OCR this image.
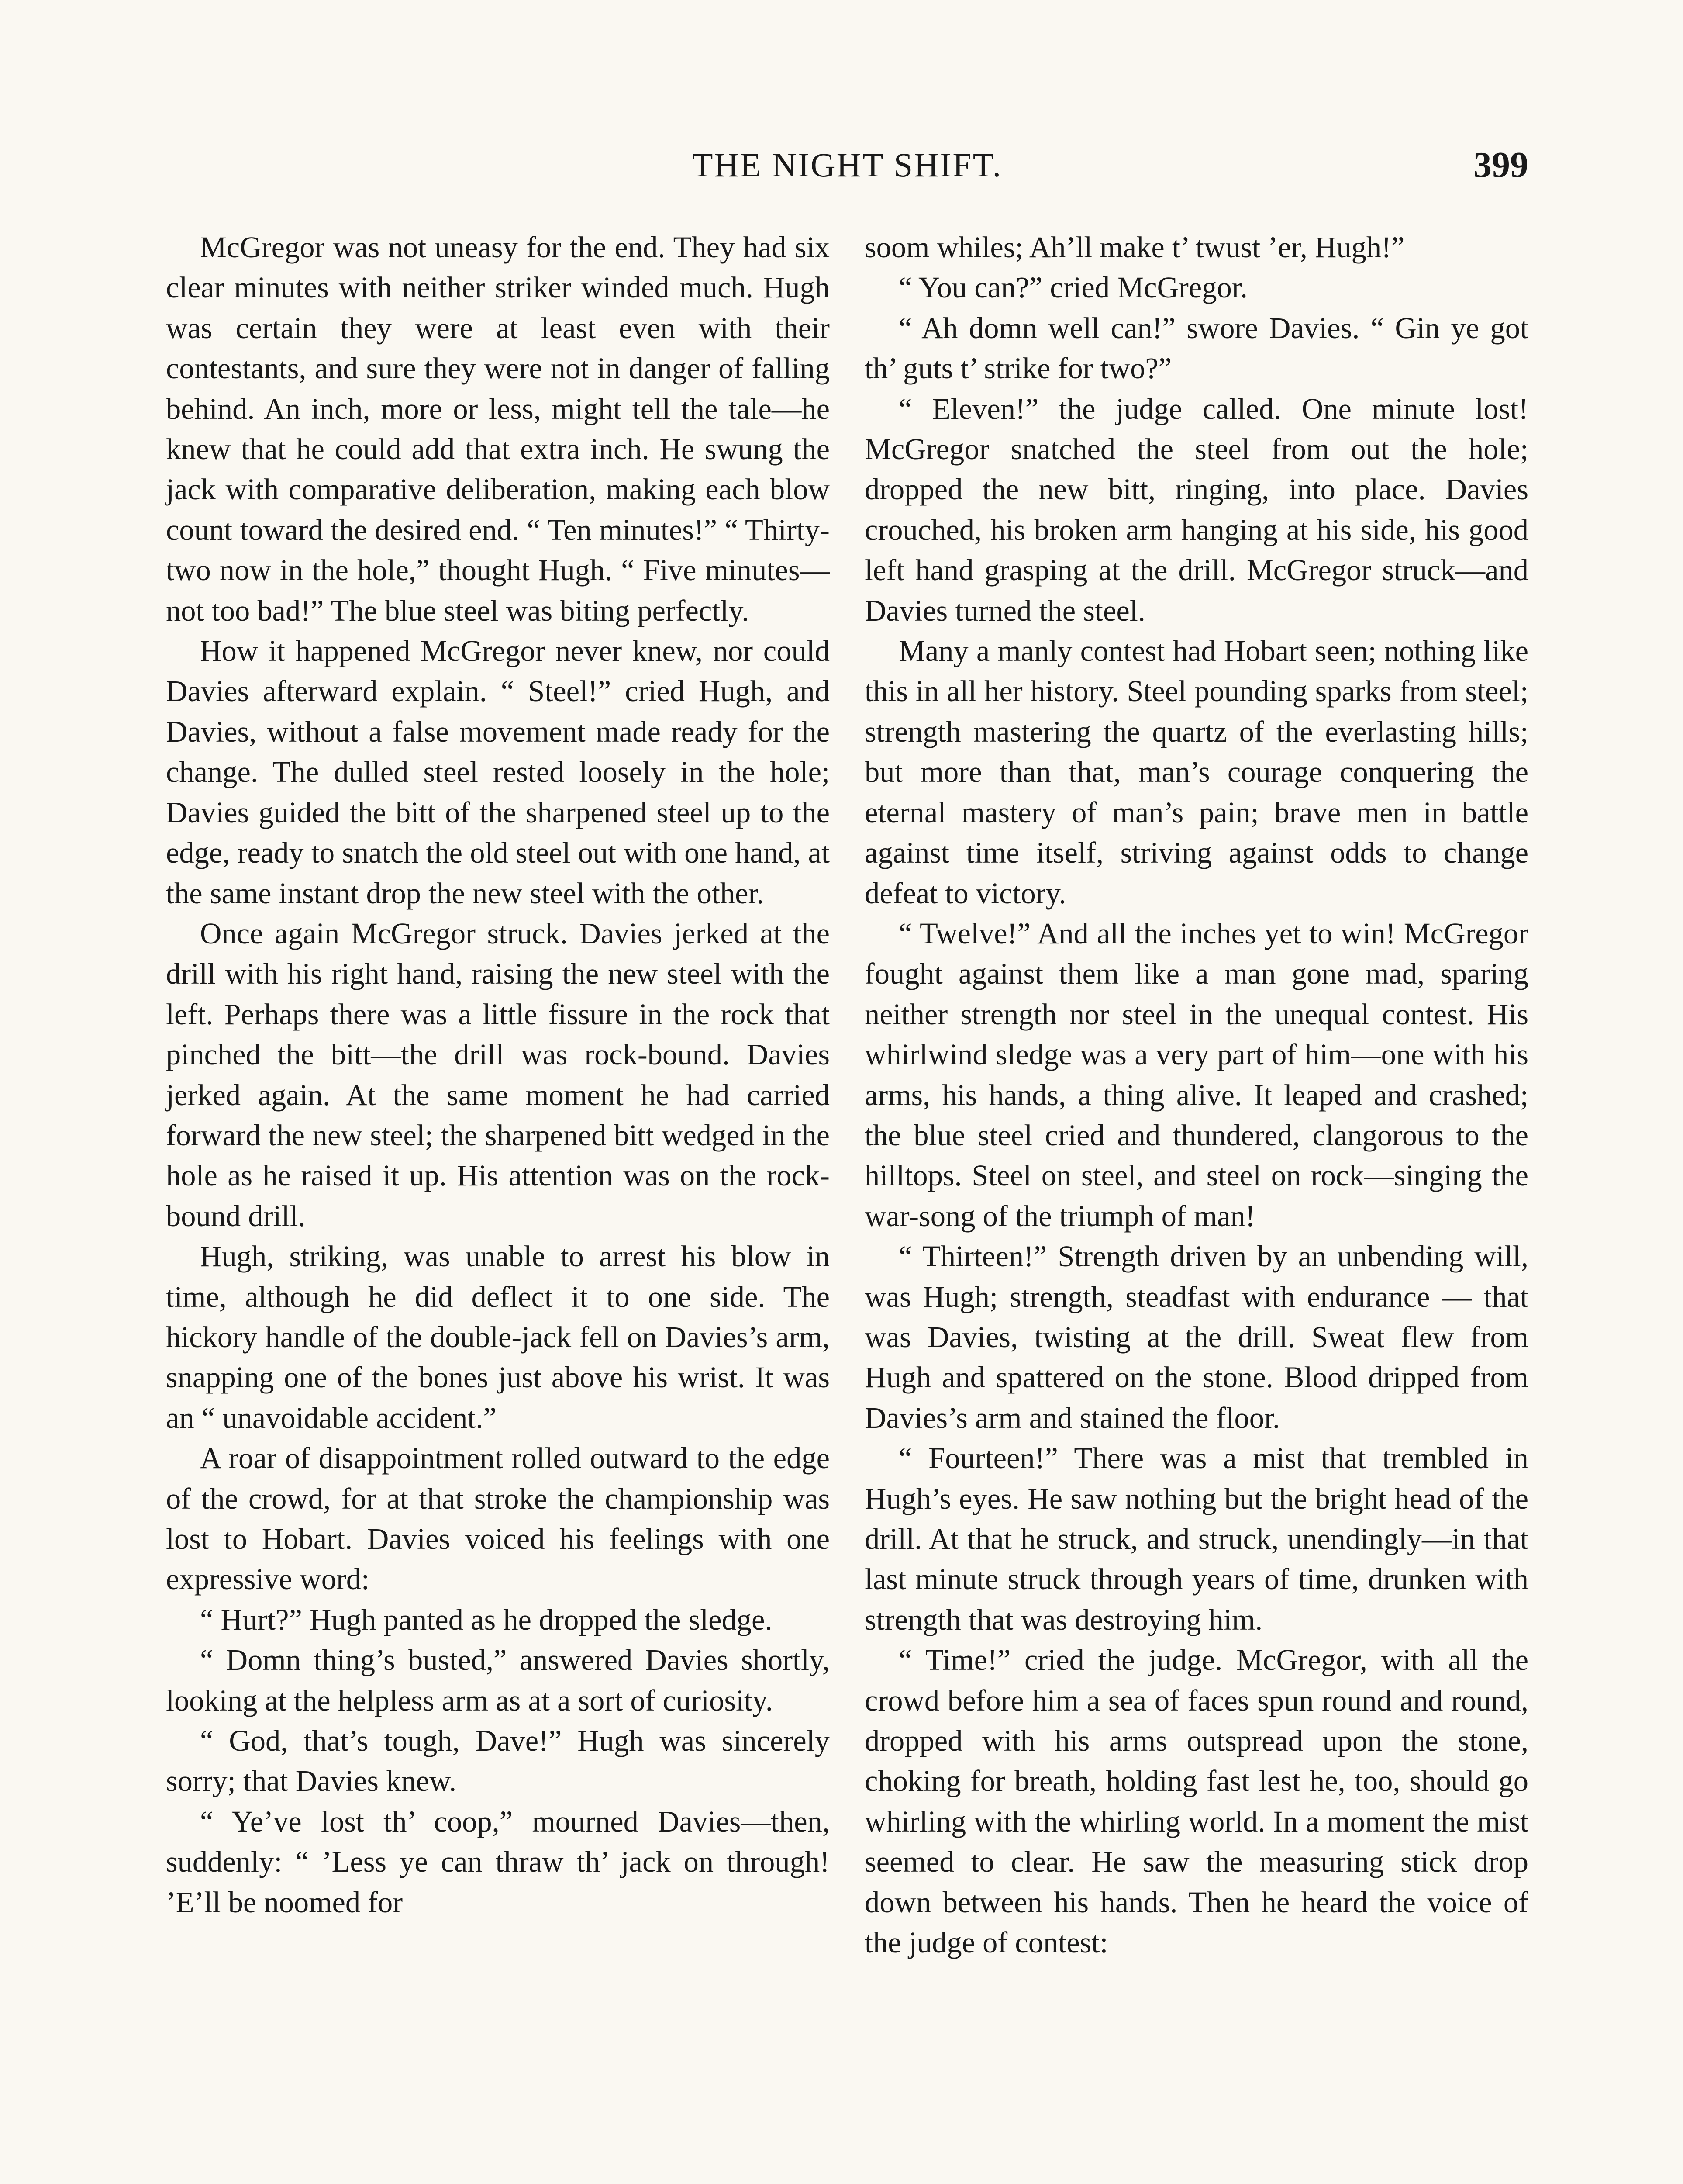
THE NIGHT SHIFT.	399

McGregor was not uneasy for the end. They had six clear minutes with neither striker winded much. Hugh was certain they were at least even with their contestants, and sure they were not in danger of falling behind. An inch, more or less, might tell the tale—he knew that he could add that extra inch. He swung the jack with comparative deliberation, making each blow count toward the desired end. “ Ten minutes!” “ Thirty-two now in the hole,” thought Hugh. “ Five minutes—not too bad!” The blue steel was biting perfectly.

How it happened McGregor never knew, nor could Davies afterward explain. “ Steel!” cried Hugh, and Davies, without a false movement made ready for the change. The dulled steel rested loosely in the hole; Davies guided the bitt of the sharpened steel up to the edge, ready to snatch the old steel out with one hand, at the same instant drop the new steel with the other.

Once again McGregor struck. Davies jerked at the drill with his right hand, raising the new steel with the left. Perhaps there was a little fissure in the rock that pinched the bitt—the drill was rock-bound. Davies jerked again. At the same moment he had carried forward the new steel; the sharpened bitt wedged in the hole as he raised it up. His attention was on the rock-bound drill.

Hugh, striking, was unable to arrest his blow in time, although he did deflect it to one side. The hickory handle of the double-jack fell on Davies’s arm, snapping one of the bones just above his wrist. It was an “ unavoidable accident.”

A roar of disappointment rolled outward to the edge of the crowd, for at that stroke the championship was lost to Hobart. Davies voiced his feelings with one expressive word:

“ Hurt?” Hugh panted as he dropped the sledge.

“ Domn thing’s busted,” answered Davies shortly, looking at the helpless arm as at a sort of curiosity.

“ God, that’s tough, Dave!” Hugh was sincerely sorry; that Davies knew.

“ Ye’ve lost th’ coop,” mourned Davies—then, suddenly: “ ’Less ye can thraw th’ jack on through! ’E’ll be noomed for

soom whiles; Ah’ll make t’ twust ’er, Hugh!”

“ You can?” cried McGregor.

“ Ah domn well can!” swore Davies. “ Gin ye got th’ guts t’ strike for two?”

“ Eleven!” the judge called. One minute lost! McGregor snatched the steel from out the hole; dropped the new bitt, ringing, into place. Davies crouched, his broken arm hanging at his side, his good left hand grasping at the drill. McGregor struck—and Davies turned the steel.

Many a manly contest had Hobart seen; nothing like this in all her history. Steel pounding sparks from steel; strength mastering the quartz of the everlasting hills; but more than that, man’s courage conquering the eternal mastery of man’s pain; brave men in battle against time itself, striving against odds to change defeat to victory.

“ Twelve!” And all the inches yet to win! McGregor fought against them like a man gone mad, sparing neither strength nor steel in the unequal contest. His whirlwind sledge was a very part of him—one with his arms, his hands, a thing alive. It leaped and crashed; the blue steel cried and thundered, clangorous to the hilltops. Steel on steel, and steel on rock—singing the war-song of the triumph of man!

“ Thirteen!” Strength driven by an unbending will, was Hugh; strength, steadfast with endurance — that was Davies, twisting at the drill. Sweat flew from Hugh and spattered on the stone. Blood dripped from Davies’s arm and stained the floor.

“ Fourteen!” There was a mist that trembled in Hugh’s eyes. He saw nothing but the bright head of the drill. At that he struck, and struck, unendingly—in that last minute struck through years of time, drunken with strength that was destroying him.

“ Time!” cried the judge. McGregor, with all the crowd before him a sea of faces spun round and round, dropped with his arms outspread upon the stone, choking for breath, holding fast lest he, too, should go whirling with the whirling world. In a moment the mist seemed to clear. He saw the measuring stick drop down between his hands. Then he heard the voice of the judge of contest:
